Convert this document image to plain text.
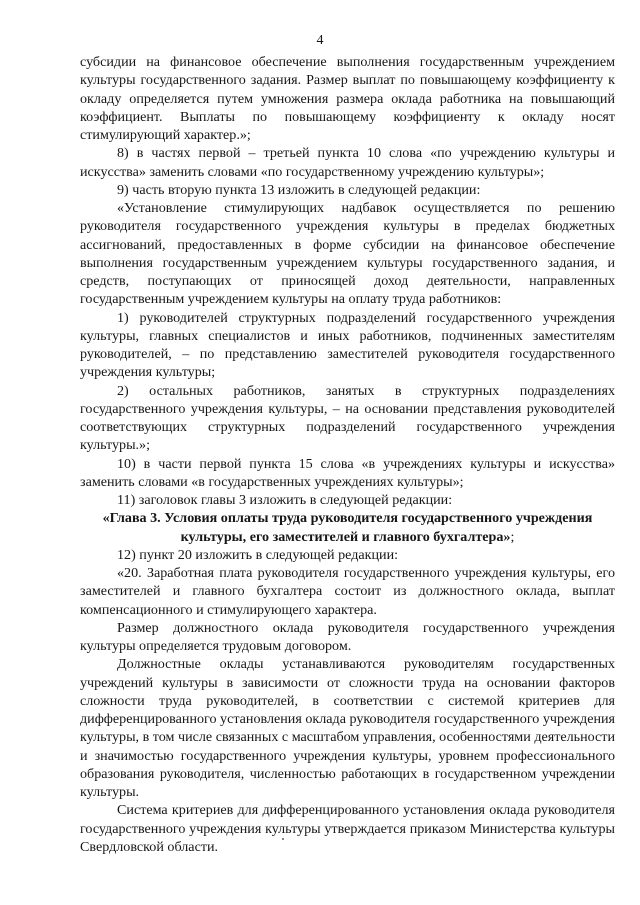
4

субсидии на финансовое обеспечение выполнения государственным учреждением культуры государственного задания. Размер выплат по повышающему коэффициенту к окладу определяется путем умножения размера оклада работника на повышающий коэффициент. Выплаты по повышающему коэффициенту к окладу носят стимулирующий характер.»;

8) в частях первой – третьей пункта 10 слова «по учреждению культуры и искусства» заменить словами «по государственному учреждению культуры»;

9) часть вторую пункта 13 изложить в следующей редакции:

«Установление стимулирующих надбавок осуществляется по решению руководителя государственного учреждения культуры в пределах бюджетных ассигнований, предоставленных в форме субсидии на финансовое обеспечение выполнения государственным учреждением культуры государственного задания, и средств, поступающих от приносящей доход деятельности, направленных государственным учреждением культуры на оплату труда работников:

1) руководителей структурных подразделений государственного учреждения культуры, главных специалистов и иных работников, подчиненных заместителям руководителей, – по представлению заместителей руководителя государственного учреждения культуры;

2) остальных работников, занятых в структурных подразделениях государственного учреждения культуры, – на основании представления руководителей соответствующих структурных подразделений государственного учреждения культуры.»;

10) в части первой пункта 15 слова «в учреждениях культуры и искусства» заменить словами «в государственных учреждениях культуры»;

11) заголовок главы 3 изложить в следующей редакции:

«Глава 3. Условия оплаты труда руководителя государственного учреждения культуры, его заместителей и главного бухгалтера»;

12) пункт 20 изложить в следующей редакции:

«20. Заработная плата руководителя государственного учреждения культуры, его заместителей и главного бухгалтера состоит из должностного оклада, выплат компенсационного и стимулирующего характера.

Размер должностного оклада руководителя государственного учреждения культуры определяется трудовым договором.

Должностные оклады устанавливаются руководителям государственных учреждений культуры в зависимости от сложности труда на основании факторов сложности труда руководителей, в соответствии с системой критериев для дифференцированного установления оклада руководителя государственного учреждения культуры, в том числе связанных с масштабом управления, особенностями деятельности и значимостью государственного учреждения культуры, уровнем профессионального образования руководителя, численностью работающих в государственном учреждении культуры.

Система критериев для дифференцированного установления оклада руководителя государственного учреждения культуры утверждается приказом Министерства культуры Свердловской области.
